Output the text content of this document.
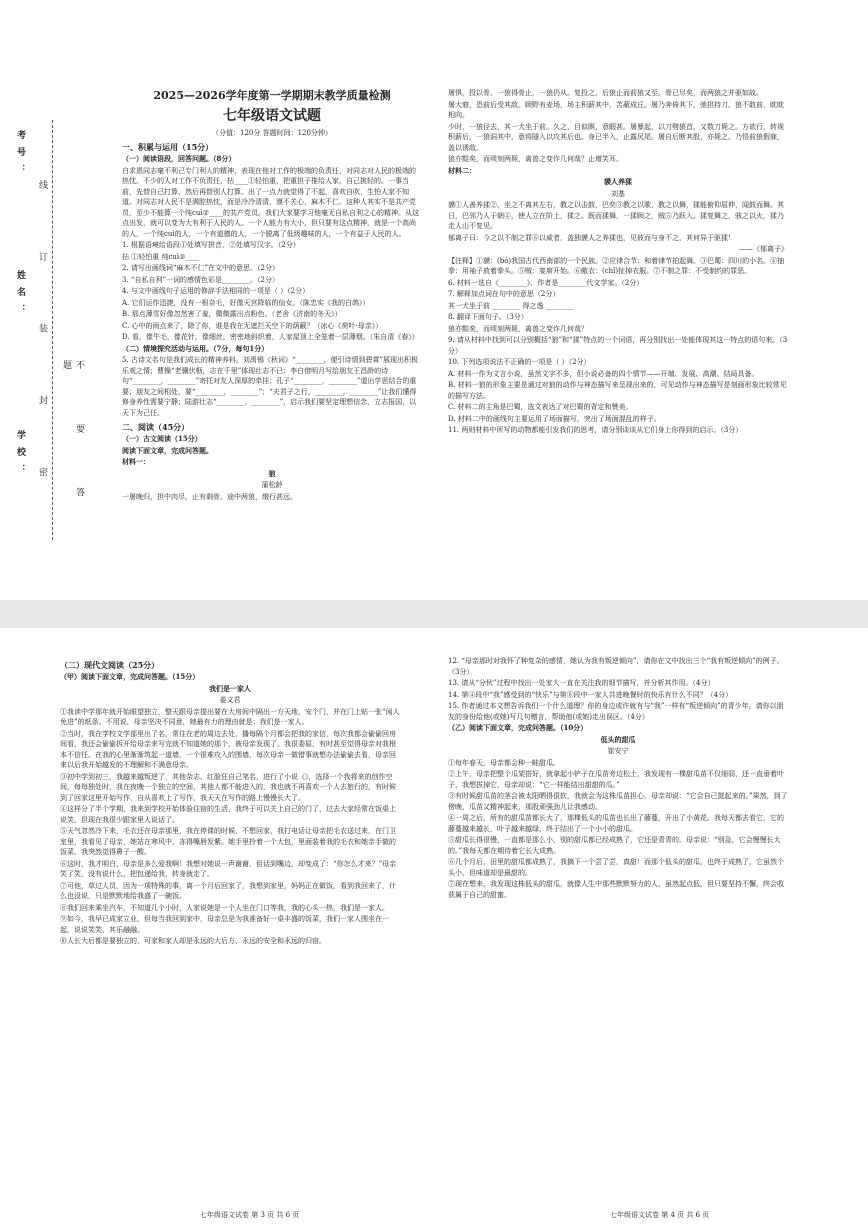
考号：
姓名：
学校： 线 订 装 封 密	不 要 答 题

2025—2026学年度第一学期期末教学质量检测

七年级语文试题

（分值：120分 答题时间：120分钟）

一、积累与运用（15分）

（一）阅读语段，回答问题。（8分）

白求恩同志毫不利己专门利人的精神，表现在他对工作的极端的负责任，对同志对人民的极端的热忱。不少的人对工作不负责任，拈____①轻怕重，把重担子推给人家，自己挑轻的。一事当前，先替自己打算，然后再替别人打算。出了一点力就觉得了不起，喜欢自吹，生怕人家不知道。对同志对人民不是满腔热忱，而是冷冷清清，漠不关心，麻木不仁。这种人其实不是共产党员，至少不能算一个纯cuì②____的共产党员。我们大家要学习他毫无自私自利之心的精神。从这点出发，就可以变为大有利于人民的人。一个人能力有大小，但只要有这点精神，就是一个高尚的人，一个纯cuì的人，一个有道德的人，一个脱离了低级趣味的人，一个有益于人民的人。

1. 根据语境给语段①处填写拼音，②处填写汉字。（2分）

拈 ①轻怕重 纯cuì②____

2. 请写出画线词“麻木不仁”在文中的意思。（2分）

3. “自私自利”一词的感情色彩是________。（2分）

4. 与文中画线句子运用的修辞手法相同的一项是（ ）（2分）

A. 它们运作迅捷，没有一根杂毛，好像天宫降临的仙女。（陈忠实《我的白鸽》）

B. 那点薄雪好像忽然害了羞，微微露出点粉色。（老舍《济南的冬天》）

C. 心中的雨点来了，除了你，谁是我在无遮拦天空下的荫蔽？（冰心《荷叶·母亲》）

D. 看，像牛毛，像花针，像细丝，密密地斜织着，人家屋顶上全笼着一层薄烟。（朱自清《春》）

（二）情境探究活动与运用。（7分，每句1分）

5. 古诗文名句是我们成长的精神养料。刘禹锡《秋词》“________，便引诗情到碧霄”展现出积极乐观之情；曹操“老骥伏枥，志在千里”体现壮志不已；李白借明月写给朋友王昌龄的诗句“________，________”寄托对友人深厚的牵挂；孔子“________，________”道出学思结合的重要；朋友之间相处，要“________，________”；“夫君子之行，________，________”让我们懂得修身养性需要宁静；陆游壮志“________，________”，启示我们要坚定理想信念，立志报国，以天下为己任。

二、阅读（45分）

（一）古文阅读（15分）

阅读下面文章，完成问答题。

材料一：

狼

蒲松龄

一屠晚归，担中肉尽，止有剩骨。途中两狼，缀行甚远。

屠惧，投以骨。一狼得骨止，一狼仍从。复投之，后狼止而前狼又至。骨已尽矣，而两狼之并驱如故。

屠大窘，恐前后受其敌。顾野有麦场，场主积薪其中，苫蔽成丘。屠乃奔倚其下，弛担持刀。狼不敢前，眈眈相向。

少时，一狼径去，其一犬坐于前。久之，目似瞑，意暇甚。屠暴起，以刀劈狼首，又数刀毙之。方欲行，转视积薪后，一狼洞其中，意将隧入以攻其后也。身已半入，止露尻尾。屠自后断其股，亦毙之。乃悟前狼假寐，盖以诱敌。

狼亦黠矣，而顷刻两毙，禽兽之变诈几何哉？止增笑耳。

材料二：

貘人养猱

刘基

貘①人善养猱②，坐之不离其左右，教之以击鼓，巴奕③教之以歌，教之以舞，猱能俯仰屈伸，闻鼓而舞。其日，巴邻乃人于朝④，使人立在阶上，猱之。既而猱舞，一猱顾之，贼⑤乃跃入。猱复舞之，骇之以火，猱乃走人山不复见。

郁离子曰：今之以不制之罪⑥以威者，盖独貘人之养猱也，见彼而与身不之，其何异于驱猱！

——《郁离子》

【注释】①貘：(bó)我国古代西南部的一个民族。②应律合节：和着律节拍起舞。③巴蜀：四川的小名。④抽拳：用袖子放着拳头。⑤贼：宴席开始。⑥敝衣：(chǐ)扯掉衣服。⑦不制之罪：不受制约的罪恶。

6. 材料一选自《________》，作者是________代文学家。（2分）

7. 解释加点词在句中的意思（2分）

其一犬坐于前 ________ 得之逸 ________

8. 翻译下面句子。（3分）

狼亦黠矣，而顷刻两毙，禽兽之变诈几何哉？

9. 请从材料中找到可以分别概括“狼”和“猱”特点的一个词语，再分别找出一处能体现其这一特点的语句来。（3分）

10. 下列选项说法不正确的一项是（ ）（2分）

A. 材料一作为文言小说，虽然文字不多，但小说必备的四个情节——开端、发展、高潮、结局具备。

B. 材料一狼的形象主要是通过对狼的动作与神态描写来呈现出来的，可见动作与神态描写是刻画形象比较常见的描写方法。

C. 材料二的主角是巴蜀，选文表达了对巴蜀的背定和赞美。

D. 材料二中的画线句主要运用了场面描写，突出了场面混乱的样子。

11. 两则材料中所写的动物都能引发我们的思考，请分别谈谈从它们身上你得到的启示。（3分）

（二）现代文阅读（25分）

（甲）阅读下面文章，完成问答题。（15分）

我们是一家人

姜文君

①我读中学那年就开始眼望独立，整天跟母亲提出要在大房间中隔出一方天地，安个门，并在门上贴一张“闲人免进”的纸条。不用说，母亲坚决不同意，她最有力的理由就是：我们是一家人。

②当时，我在学校文学部里出了名，常住在老的周边去处，播每隔个月都会把我的家信，每次我都会偷偷回房间看，我还会偷偷拆开给母亲来写完就不知道她的那个，被母亲发现了。我很委屈，有时甚至觉得母亲对我根本不信任。在我的心里渐渐筑起一道墙，一个很难攻入的围墙，每次母亲一做错事就想办法偷偷去看，母亲回来以后我开始越发的不理解和不满意母亲。

③初中学到初三，我越来越叛逆了，其他杂志、红脸狂自己笔名，进行了小说《》，选择一个我将来的创作空间，每每独处时，我在夜晚一个独立的空间，其他人都不能进入的，我也就不再喜欢一个人去旅行的，有时候到了回家这里开始写作，自从喜欢上了写作，我天天在写作的路上慢慢长大了。

④这样分了半个学期，我来到学校开始体验住宿的生活，我终于可以关上自己的门了，过去大家经常在饭桌上说笑，但现在我很少跟家里人说话了。

⑤天气忽然冷下来，毛衣还在母亲那里，我在停课的时候，不想回家，我打电话让母亲把毛衣送过来，在门卫室里，我看见了母亲，她站在寒风中，冻得嘴唇发紫。她手里拎着一个大包，里面装着我的毛衣和她亲手做的饭菜。我突然觉得鼻子一酸。

⑥这时，我才明白，母亲是多么爱我啊！我想对她说一声谢谢，但话到嘴边，却变成了：“你怎么才来？”母亲笑了笑，没有说什么，把包递给我，转身就走了。

⑦可他，草过人员，因为一项特殊的事，离一个月后回家了，我想到家里，妈妈正在做饭，看到我回来了，什么也没说，只是默默地给我盛了一碗饭。

⑧我们回来乘坐汽车，不知道几个小时，人家说她是一个人坐在门口等我，我的心头一热，我们是一家人。

⑨如今，我早已成家立业，但每当我回到家中，母亲总是为我准备好一桌丰盛的饭菜，我们一家人围坐在一起，说说笑笑，其乐融融。

⑩人长大后都是要独立的，可家和家人却是永远的大后方，永远的安全和永远的归宿。

12. “母亲那时对我怀了种复杂的感情，她认为我有叛逆倾向”，请你在文中找出三个“我有叛逆倾向”的例子。（3分）

13. 请从“分伙”过程中找出一处家人一直在关注我的细节描写，并分析其作用。（4分）

14. 第④段中“我”感受到的“快乐”与第⑧段中一家人共进晚餐时的快乐有什么不同？（4分）

15. 作者通过本文想告诉我们一个什么道理？你的身边或许就有与“我”一样有“叛逆倾向”的青少年，请你以朋友的身份给他(或她)写几句赠言，帮助他(或她)走出误区。（4分）

（乙）阅读下面文章，完成问答题。（10分）

低头的甜瓜

崔安宁

①每年春天，母亲都会种一畦甜瓜。

②上午，母亲把整个瓜架搭好，就拿起小铲子在瓜苗旁边松土，我发现有一棵甜瓜苗不仅细弱，还一直垂着叶子，我想拔掉它，母亲却说：“它一样能结出甜甜的瓜。”

③有时候甜瓜苗的茎会被太阳晒得很软，我就会为这株瓜苗担心，母亲却说：“它会自己挺起来的。”果然，到了傍晚，瓜苗又精神起来，那股顽强劲儿让我感动。

④一周之后，所有的甜瓜苗都长大了，那棵低头的瓜苗也长出了藤蔓，开出了小黄花。我每天都去看它，它的藤蔓越来越长，叶子越来越绿，终于结出了一个小小的甜瓜。

⑤甜瓜长得很慢，一直都是那么小，别的甜瓜都已经成熟了，它还是青青的。母亲说：“别急，它会慢慢长大的。”我每天都在期待着它长大成熟。

⑥几个月后，田里的甜瓜都成熟了，我摘下一个尝了尝，真甜！而那个低头的甜瓜，也终于成熟了，它虽然个头小，但味道却是最甜的。

⑦现在想来，我发现这株低头的甜瓜，就像人生中那些默默努力的人，虽然起点低，但只要坚持不懈，终会收获属于自己的甜蜜。

七年级语文试卷 第 3 页 共 6 页	七年级语文试卷 第 4 页 共 6 页
